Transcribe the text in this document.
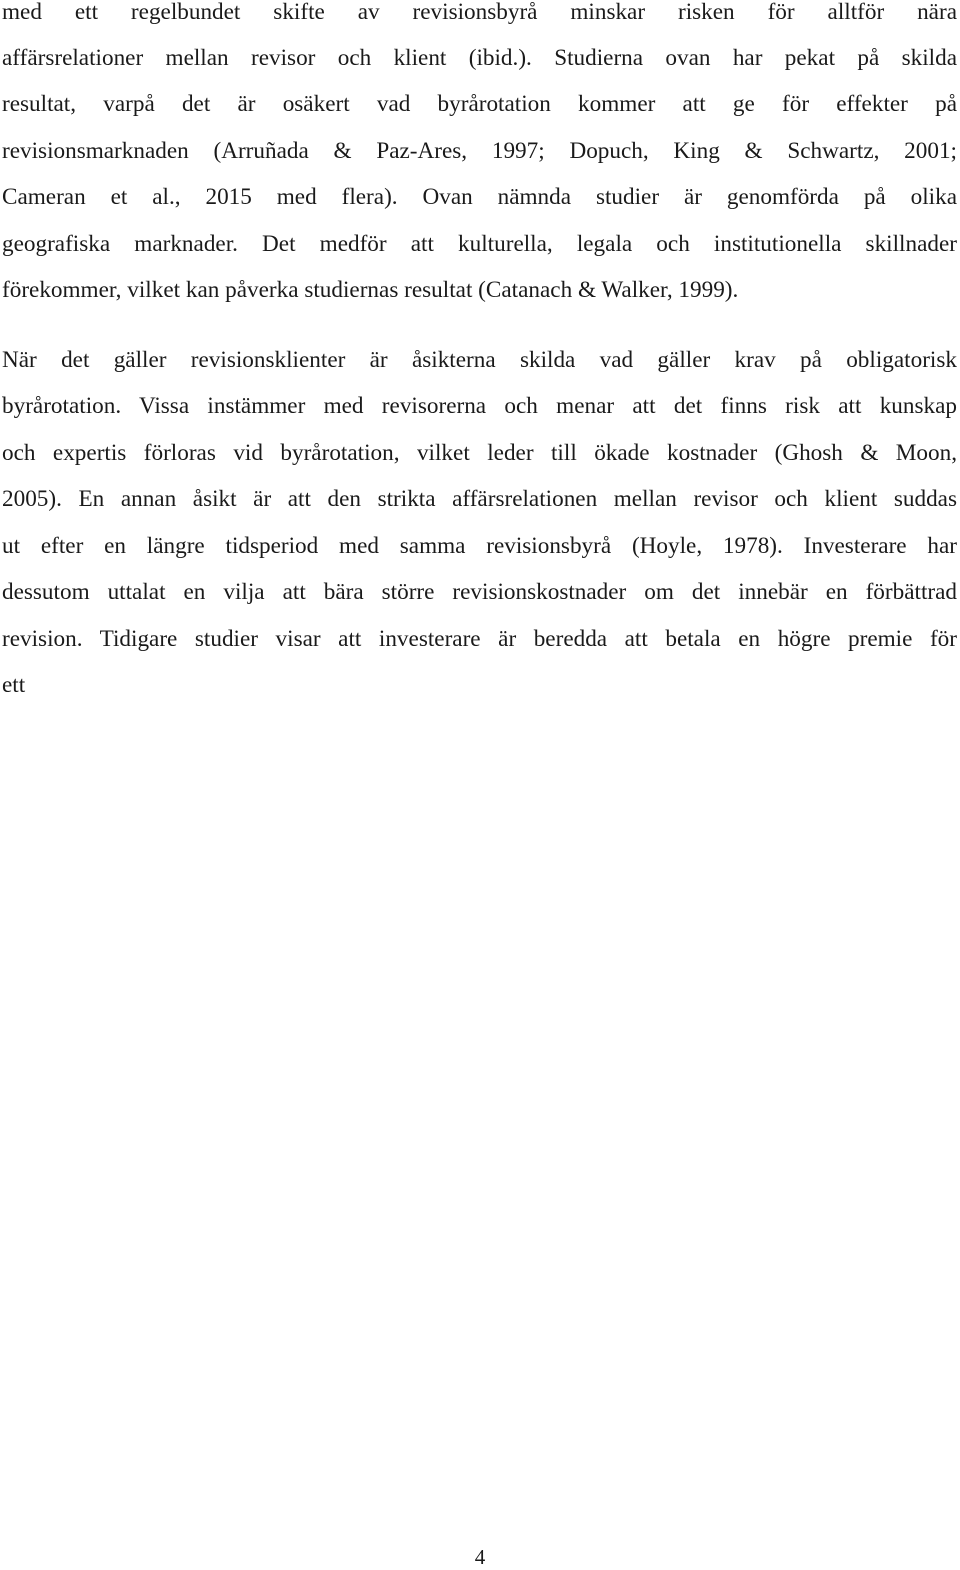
med ett regelbundet skifte av revisionsbyrå minskar risken för alltför nära
affärsrelationer mellan revisor och klient (ibid.). Studierna ovan har pekat på skilda
resultat, varpå det är osäkert vad byrårotation kommer att ge för effekter på
revisionsmarknaden (Arruñada & Paz-Ares, 1997; Dopuch, King & Schwartz, 2001;
Cameran et al., 2015 med flera). Ovan nämnda studier är genomförda på olika
geografiska marknader. Det medför att kulturella, legala och institutionella skillnader
förekommer, vilket kan påverka studiernas resultat (Catanach & Walker, 1999).
När det gäller revisionsklienter är åsikterna skilda vad gäller krav på obligatorisk
byrårotation. Vissa instämmer med revisorerna och menar att det finns risk att kunskap
och expertis förloras vid byrårotation, vilket leder till ökade kostnader (Ghosh & Moon,
2005). En annan åsikt är att den strikta affärsrelationen mellan revisor och klient suddas
ut efter en längre tidsperiod med samma revisionsbyrå (Hoyle, 1978). Investerare har
dessutom uttalat en vilja att bära större revisionskostnader om det innebär en förbättrad
revision. Tidigare studier visar att investerare är beredda att betala en högre premie för
ett
4
